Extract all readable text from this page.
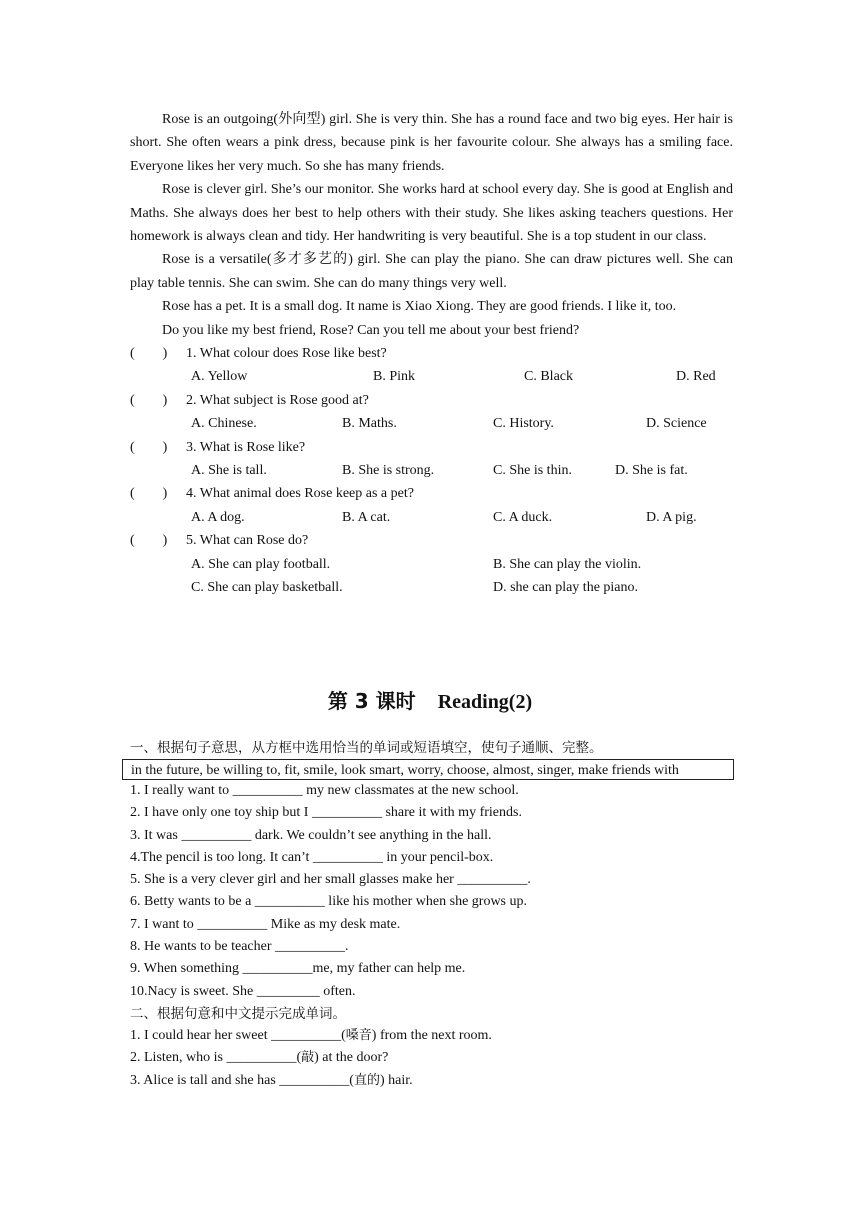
Rose is an outgoing(外向型) girl. She is very thin. She has a round face and two big eyes. Her hair is short. She often wears a pink dress, because pink is her favourite colour. She always has a smiling face. Everyone likes her very much. So she has many friends.

Rose is clever girl. She’s our monitor. She works hard at school every day. She is good at English and Maths. She always does her best to help others with their study. She likes asking teachers questions. Her homework is always clean and tidy. Her handwriting is very beautiful. She is a top student in our class.

Rose is a versatile(多才多艺的) girl. She can play the piano. She can draw pictures well. She can play table tennis. She can swim. She can do many things very well.

Rose has a pet. It is a small dog. It name is Xiao Xiong. They are good friends. I like it, too.

Do you like my best friend, Rose? Can you tell me about your best friend?

(        )	1. What colour does Rose like best?
A. Yellow	B. Pink	C. Black	D. Red
(        )	2. What subject is Rose good at?
A. Chinese.	B. Maths.	C. History.	D. Science
(        )	3. What is Rose like?
A. She is tall.	B. She is strong.	C. She is thin.	D. She is fat.
(        )	4. What animal does Rose keep as a pet?
A. A dog.	B. A cat.	C. A duck.	D. A pig.
(        )	5. What can Rose do?
A. She can play football.	B. She can play the violin.
C. She can play basketball.	D. she can play the piano.
第 3 课时 Reading(2)
一、根据句子意思，从方框中选用恰当的单词或短语填空，使句子通顺、完整。
in the future, be willing to, fit, smile, look smart, worry, choose, almost, singer, make friends with
1. I really want to __________ my new classmates at the new school.
2. I have only one toy ship but I __________ share it with my friends.
3. It was __________ dark. We couldn’t see anything in the hall.
4.The pencil is too long. It can’t __________ in your pencil-box.
5. She is a very clever girl and her small glasses make her __________.
6. Betty wants to be a __________ like his mother when she grows up.
7. I want to __________ Mike as my desk mate.
8. He wants to be teacher __________.
9. When something __________me, my father can help me.
10.Nacy is sweet. She _________ often.
二、根据句意和中文提示完成单词。
1. I could hear her sweet __________(嗓音) from the next room.
2. Listen, who is __________(敲) at the door?
3. Alice is tall and she has __________(直的) hair.
